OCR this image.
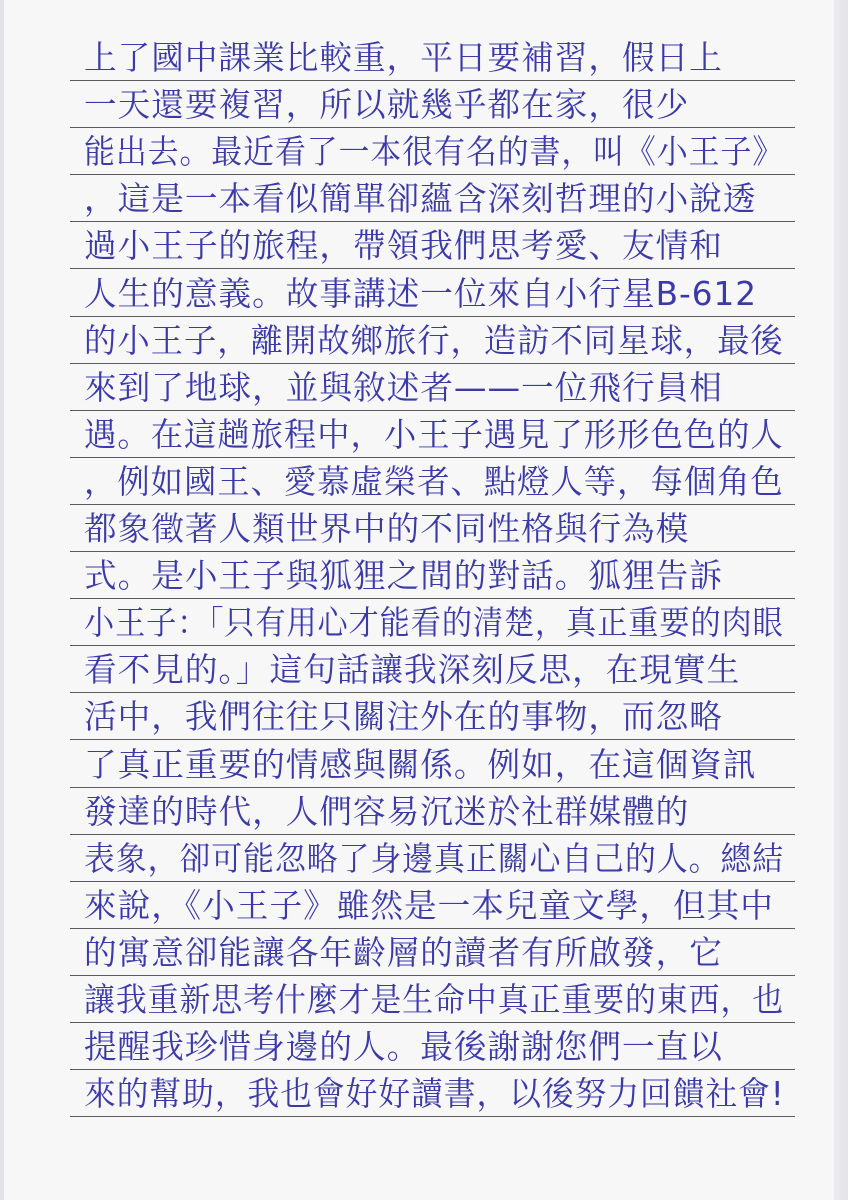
上了國中課業比較重，平日要補習，假日上
一天還要複習，所以就幾乎都在家，很少
能出去。最近看了一本很有名的書，叫《小王子》
，這是一本看似簡單卻蘊含深刻哲理的小說透
過小王子的旅程，帶領我們思考愛、友情和
人生的意義。故事講述一位來自小行星B-612
的小王子，離開故鄉旅行，造訪不同星球，最後
來到了地球，並與敘述者——一位飛行員相
遇。在這趟旅程中，小王子遇見了形形色色的人
，例如國王、愛慕虛榮者、點燈人等，每個角色
都象徵著人類世界中的不同性格與行為模
式。是小王子與狐狸之間的對話。狐狸告訴
小王子：「只有用心才能看的清楚，真正重要的肉眼
看不見的。」這句話讓我深刻反思，在現實生
活中，我們往往只關注外在的事物，而忽略
了真正重要的情感與關係。例如，在這個資訊
發達的時代，人們容易沉迷於社群媒體的
表象，卻可能忽略了身邊真正關心自己的人。總結
來說，《小王子》雖然是一本兒童文學，但其中
的寓意卻能讓各年齡層的讀者有所啟發，它
讓我重新思考什麼才是生命中真正重要的東西，也
提醒我珍惜身邊的人。最後謝謝您們一直以
來的幫助，我也會好好讀書，以後努力回饋社會!
